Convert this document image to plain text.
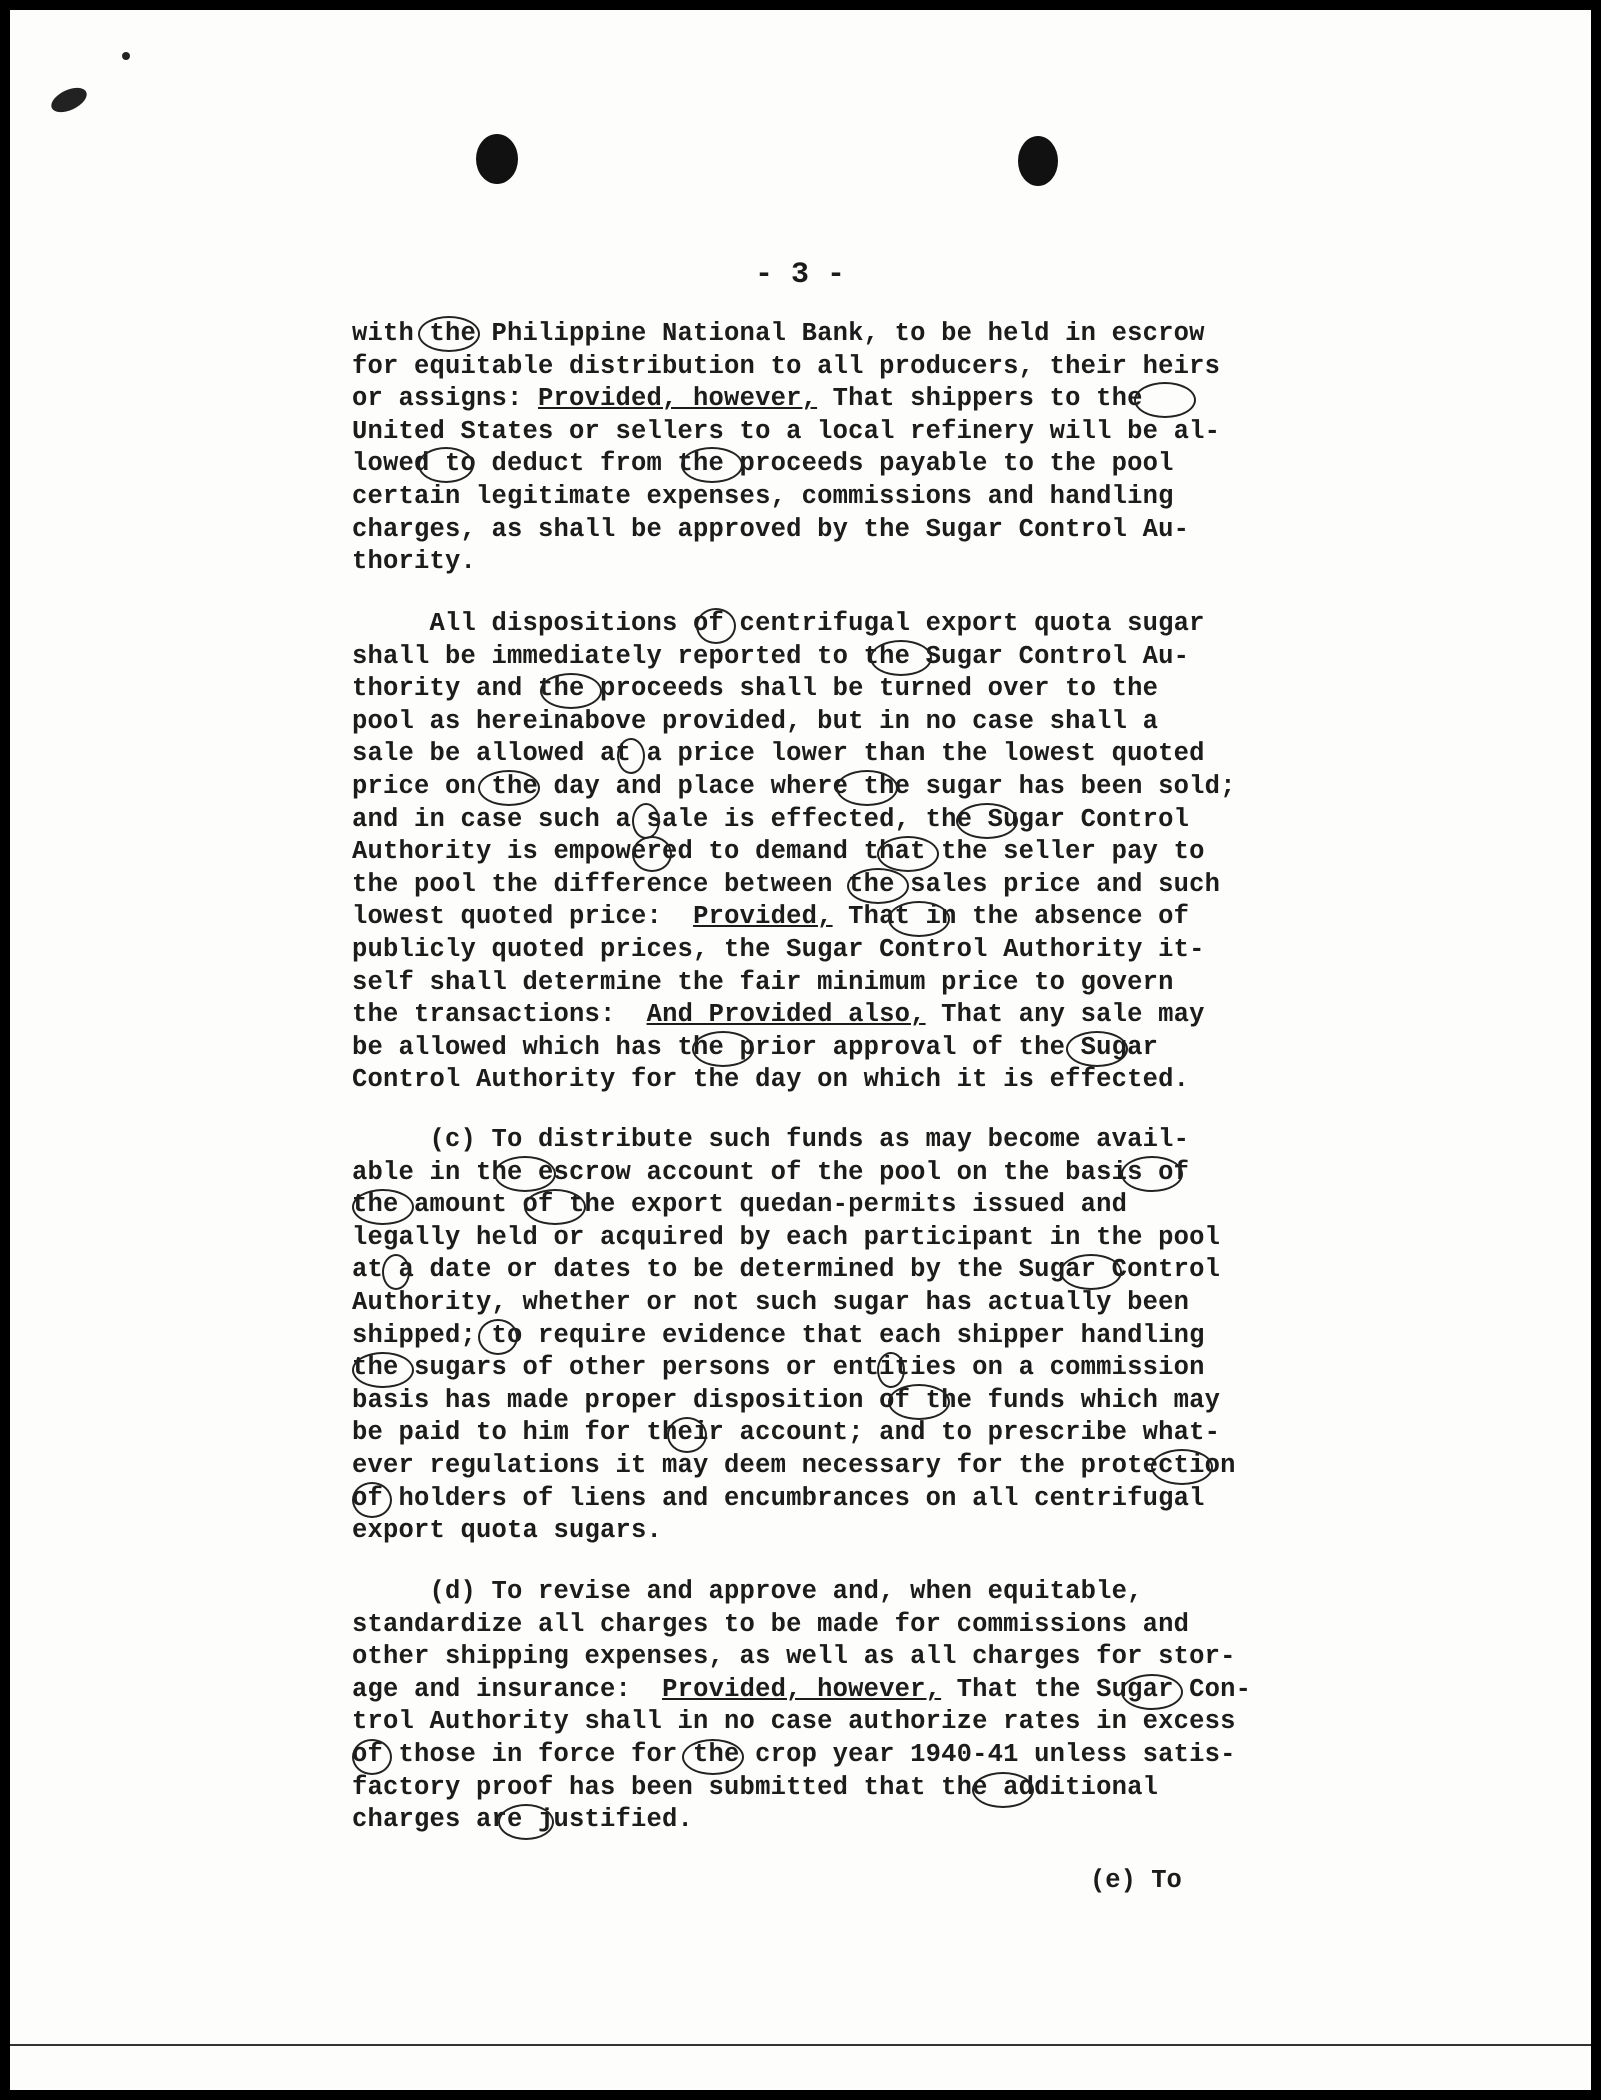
- 3 -
with the Philippine National Bank, to be held in escrow
for equitable distribution to all producers, their heirs
or assigns: Provided, however, That shippers to the
United States or sellers to a local refinery will be al-
lowed to deduct from the proceeds payable to the pool
certain legitimate expenses, commissions and handling
charges, as shall be approved by the Sugar Control Au-
thority.
All dispositions of centrifugal export quota sugar
shall be immediately reported to the Sugar Control Au-
thority and the proceeds shall be turned over to the
pool as hereinabove provided, but in no case shall a
sale be allowed at a price lower than the lowest quoted
price on the day and place where the sugar has been sold;
and in case such a sale is effected, the Sugar Control
Authority is empowered to demand that the seller pay to
the pool the difference between the sales price and such
lowest quoted price:  Provided, That in the absence of
publicly quoted prices, the Sugar Control Authority it-
self shall determine the fair minimum price to govern
the transactions:  And Provided also, That any sale may
be allowed which has the prior approval of the Sugar
Control Authority for the day on which it is effected.
(c) To distribute such funds as may become avail-
able in the escrow account of the pool on the basis of
the amount of the export quedan-permits issued and
legally held or acquired by each participant in the pool
at a date or dates to be determined by the Sugar Control
Authority, whether or not such sugar has actually been
shipped; to require evidence that each shipper handling
the sugars of other persons or entities on a commission
basis has made proper disposition of the funds which may
be paid to him for their account; and to prescribe what-
ever regulations it may deem necessary for the protection
of holders of liens and encumbrances on all centrifugal
export quota sugars.
(d) To revise and approve and, when equitable,
standardize all charges to be made for commissions and
other shipping expenses, as well as all charges for stor-
age and insurance:  Provided, however, That the Sugar Con-
trol Authority shall in no case authorize rates in excess
of those in force for the crop year 1940-41 unless satis-
factory proof has been submitted that the additional
charges are justified.
(e) To
